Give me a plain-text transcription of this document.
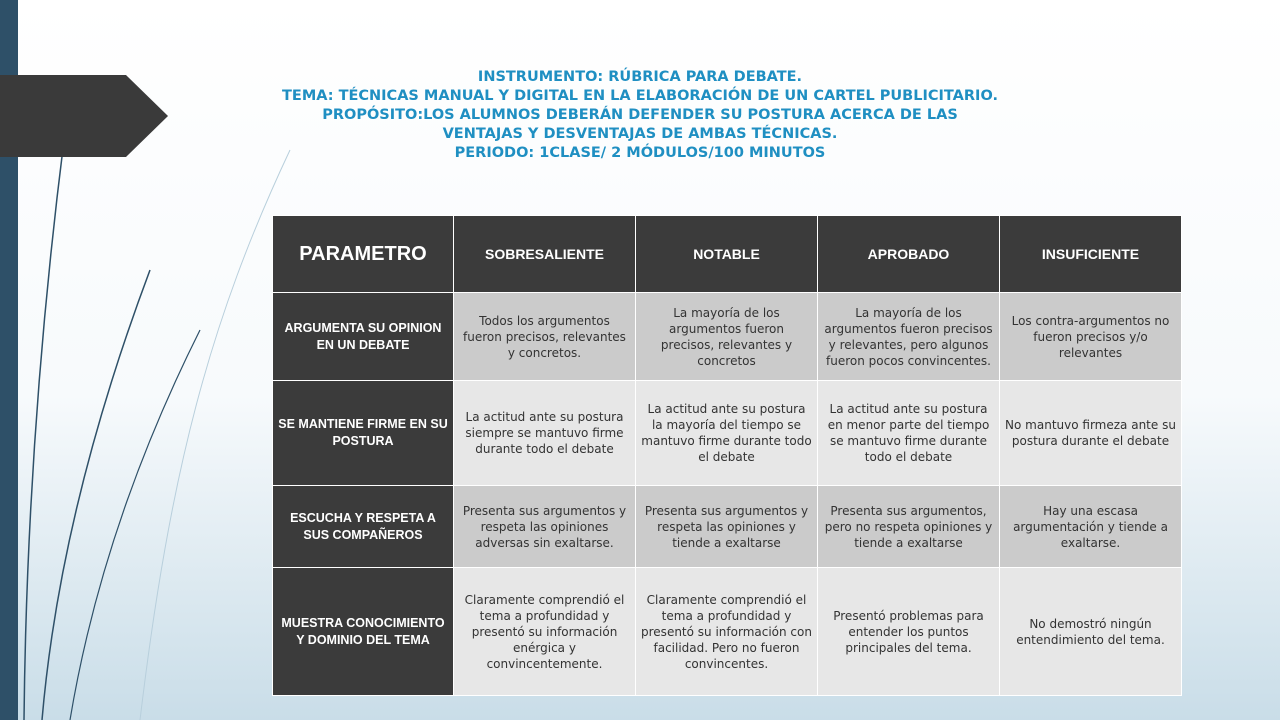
INSTRUMENTO: RÚBRICA PARA DEBATE.
TEMA: TÉCNICAS MANUAL Y DIGITAL EN LA ELABORACIÓN DE UN CARTEL PUBLICITARIO.
PROPÓSITO:LOS ALUMNOS DEBERÁN DEFENDER SU POSTURA ACERCA DE LAS VENTAJAS Y DESVENTAJAS DE AMBAS TÉCNICAS.
PERIODO: 1CLASE/ 2 MÓDULOS/100 MINUTOS
PARAMETRO	SOBRESALIENTE	NOTABLE	APROBADO	INSUFICIENTE
ARGUMENTA SU OPINION EN UN DEBATE	Todos los argumentos fueron precisos, relevantes y concretos.	La mayoría de los argumentos fueron precisos, relevantes y concretos	La mayoría de los argumentos fueron precisos y relevantes, pero algunos fueron pocos convincentes.	Los contra-argumentos no fueron precisos y/o relevantes
SE MANTIENE FIRME EN SU POSTURA	La actitud ante su postura siempre se mantuvo firme durante todo el debate	La actitud ante su postura la mayoría del tiempo se mantuvo firme durante todo el debate	La actitud ante su postura en menor parte del tiempo se mantuvo firme durante todo el debate	No mantuvo firmeza ante su postura durante el debate
ESCUCHA Y RESPETA A SUS COMPAÑEROS	Presenta sus argumentos y respeta las opiniones adversas sin exaltarse.	Presenta sus argumentos y respeta las opiniones y tiende a exaltarse	Presenta sus argumentos, pero no respeta opiniones y tiende a exaltarse	Hay una escasa argumentación y tiende a exaltarse.
MUESTRA CONOCIMIENTO Y DOMINIO DEL TEMA	Claramente comprendió el tema a profundidad y presentó su información enérgica y convincentemente.	Claramente comprendió el tema a profundidad y presentó su información con facilidad. Pero no fueron convincentes.	Presentó problemas para entender los puntos principales del tema.	No demostró ningún entendimiento del tema.
